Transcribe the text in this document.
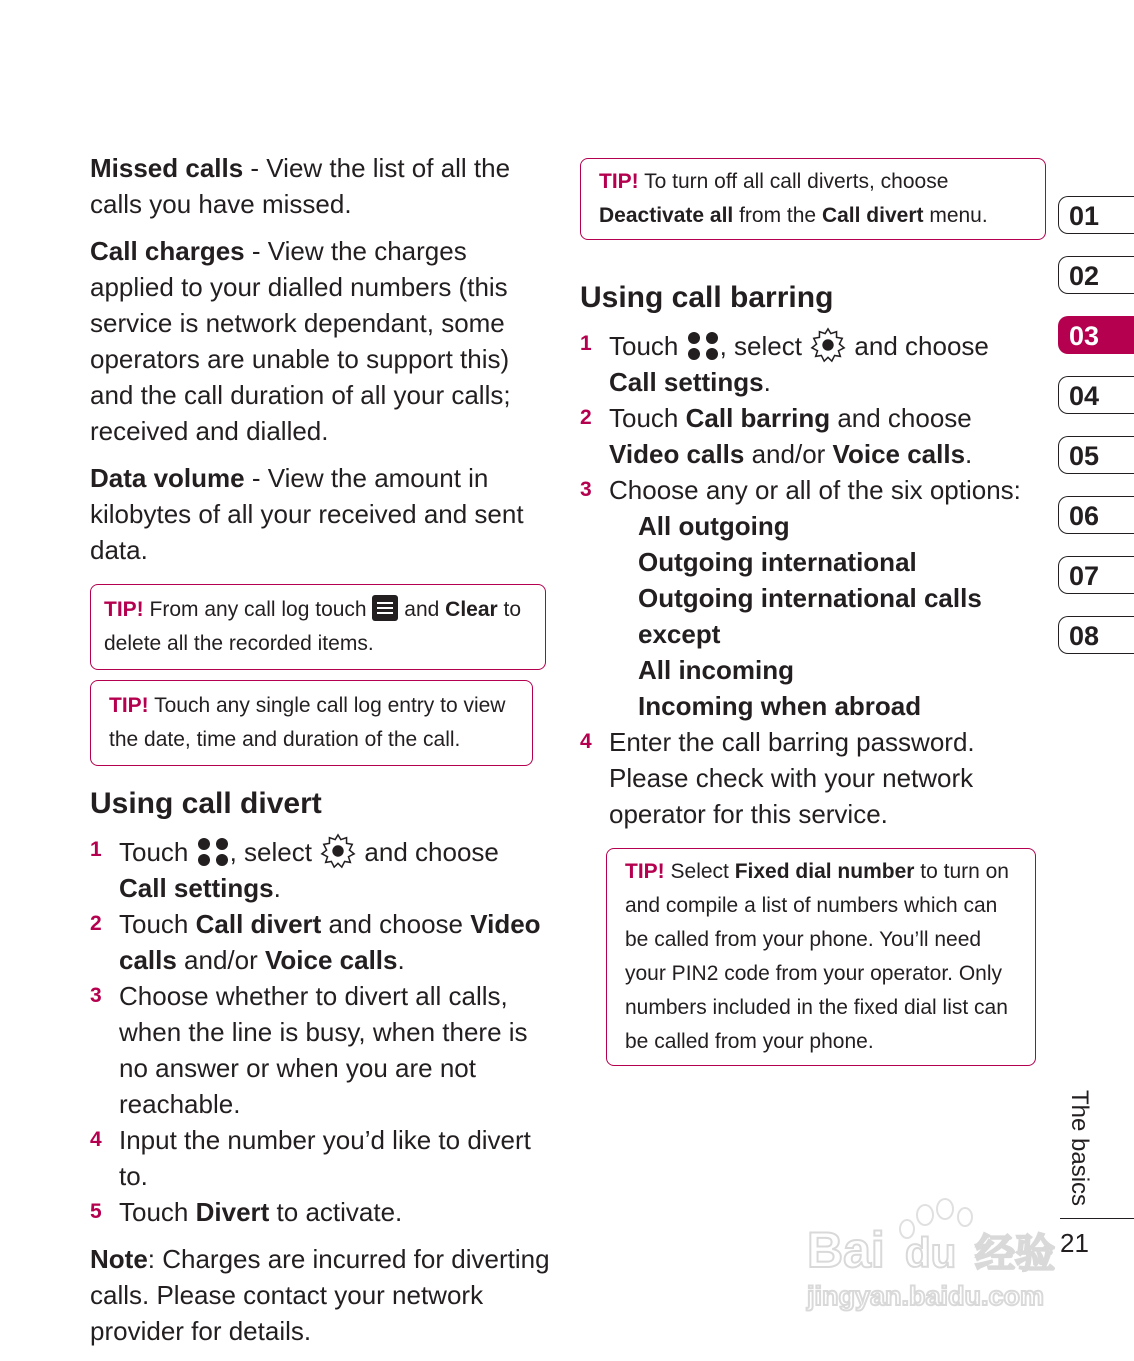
Missed calls - View the list of all the calls you have missed.

Call charges - View the charges applied to your dialled numbers (this service is network dependant, some operators are unable to support this) and the call duration of all your calls; received and dialled.

Data volume - View the amount in kilobytes of all your received and sent data.

TIP! From any call log touch
and Clear to delete all the recorded items.
TIP! Touch any single call log entry to view the date, time and duration of the call.
Using call divert
1 Touch
, select  and choose
Call settings.
2 Touch Call divert and choose Video calls and/or Voice calls.
3 Choose whether to divert all calls, when the line is busy, when there is no answer or when you are not reachable.
4 Input the number you’d like to divert to.
5 Touch Divert to activate.

Note: Charges are incurred for diverting calls. Please contact your network provider for details.

TIP! To turn off all call diverts, choose Deactivate all from the Call divert menu.
Using call barring
1 Touch
, select  and choose
Call settings.
2 Touch Call barring and choose Video calls and/or Voice calls.
3 Choose any or all of the six options:
All outgoing
Outgoing international
Outgoing international calls except
All incoming
Incoming when abroad
4 Enter the call barring password. Please check with your network operator for this service.
TIP! Select Fixed dial number to turn on and compile a list of numbers which can be called from your phone. You’ll need your PIN2 code from your operator. Only numbers included in the fixed dial list can be called from your phone.
01
02
03
04
05
06
07
08
The basics
21
Bai du 经验
jingyan.baidu.com
